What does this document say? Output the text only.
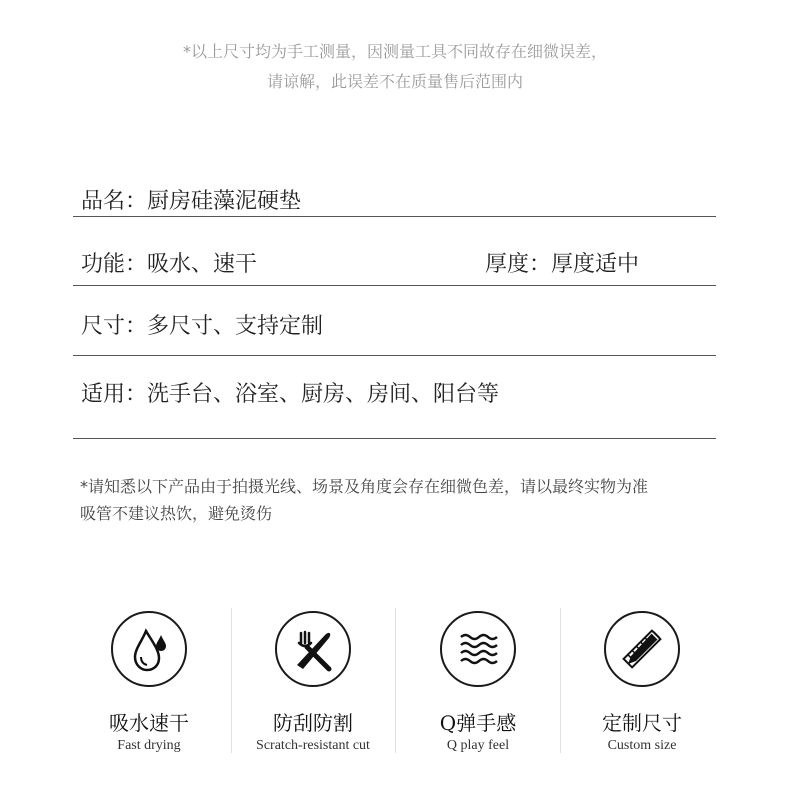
*以上尺寸均为手工测量，因测量工具不同故存在细微误差，
请谅解，此误差不在质量售后范围内
品名：厨房硅藻泥硬垫
功能：吸水、速干	厚度：厚度适中
尺寸：多尺寸、支持定制
适用：洗手台、浴室、厨房、房间、阳台等
*请知悉以下产品由于拍摄光线、场景及角度会存在细微色差，请以最终实物为准
吸管不建议热饮，避免烫伤
吸水速干
Fast drying
防刮防割
Scratch-resistant cut
Q弹手感
Q play feel
定制尺寸
Custom size
